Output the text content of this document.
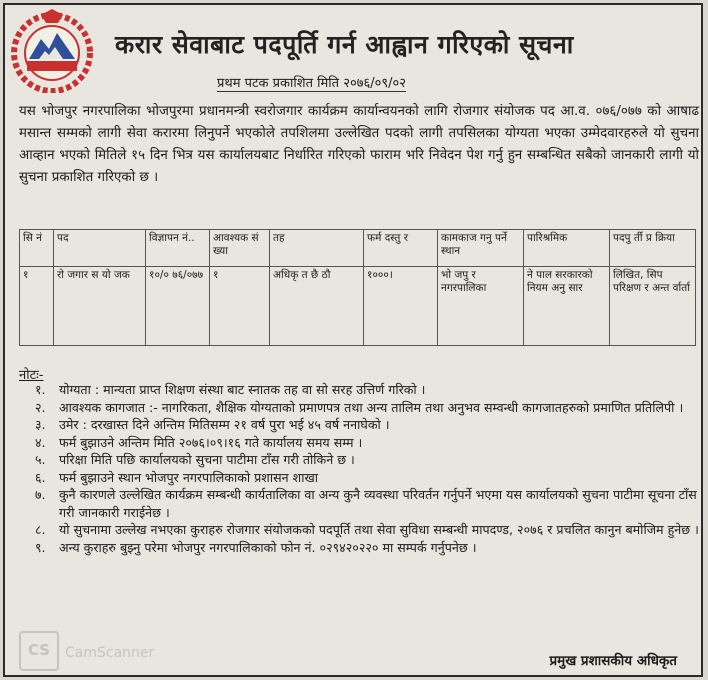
करार सेवाबाट पदपूर्ति गर्न आह्वान गरिएको सूचना
प्रथम पटक प्रकाशित मिति २०७६/०९/०२
यस भोजपुर नगरपालिका भोजपुरमा प्रधानमन्त्री स्वरोजगार कार्यक्रम कार्यान्वयनको लागि रोजगार संयोजक पद आ.व. ०७६/०७७ को आषाढ मसान्त सम्मको लागी सेवा करारमा लिनुपर्ने भएकोले तपशिलमा उल्लेखित पदको लागी तपसिलका योग्यता भएका उम्मेदवारहरुले यो सुचना आव्हान भएको मितिले १५ दिन भित्र यस कार्यालयबाट निर्धारित गरिएको फाराम भरि निवेदन पेश गर्नु हुन सम्बन्धित सबैको जानकारी लागी यो सुचना प्रकाशित गरिएको छ ।
सि नं	पद	विज्ञापन नं..	आवश्यक सं ख्या	तह	फर्म दस्तु र	कामकाज गनु पर्ने स्थान	पारिश्रमिक	पदपु र्ती प्र क्रिया
१	रो जगार स यो जक	१०/० ७६/०७७	१	अधिकृ त छै ठौ	१०००।	भो जपु र नगरपालिका	ने पाल सरकारको नियम अनु सार	लिखित, सिप परिक्षण र अन्त र्वार्ता
नोटः-
१. योग्यता : मान्यता प्राप्त शिक्षण संस्था बाट स्नातक तह वा सो सरह उत्तिर्ण गरिको ।
२. आवश्यक कागजात :- नागरिकता, शैक्षिक योग्यताको प्रमाणपत्र तथा अन्य तालिम तथा अनुभव सम्वन्धी कागजातहरुको प्रमाणित प्रतिलिपी ।
३. उमेर : दरखास्त दिने अन्तिम मितिसम्म २१ वर्ष पुरा भई ४५ वर्ष ननाघेको ।
४. फर्म बुझाउने अन्तिम मिति २०७६।०९।१६ गते कार्यालय समय सम्म ।
५. परिक्षा मिति पछि कार्यालयको सुचना पाटीमा टाँस गरी तोकिने छ ।
६. फर्म बुझाउने स्थान भोजपुर नगरपालिकाको प्रशासन शाखा
७. कुनै कारणले उल्लेखित कार्यक्रम सम्बन्धी कार्यतालिका वा अन्य कुनै व्यवस्था परिवर्तन गर्नुपर्ने भएमा यस कार्यालयको सुचना पाटीमा सूचना टाँस गरी जानकारी गराईनेछ ।
८. यो सुचनामा उल्लेख नभएका कुराहरु रोजगार संयोजकको पदपूर्ति तथा सेवा सुविधा सम्बन्धी मापदण्ड, २०७६ र प्रचलित कानुन बमोजिम हुनेछ ।
९. अन्य कुराहरु बुझ्नु परेमा भोजपुर नगरपालिकाको फोन नं. ०२९४२०२२० मा सम्पर्क गर्नुपनेछ ।
CS	CamScanner	प्रमुख प्रशासकीय अधिकृत
